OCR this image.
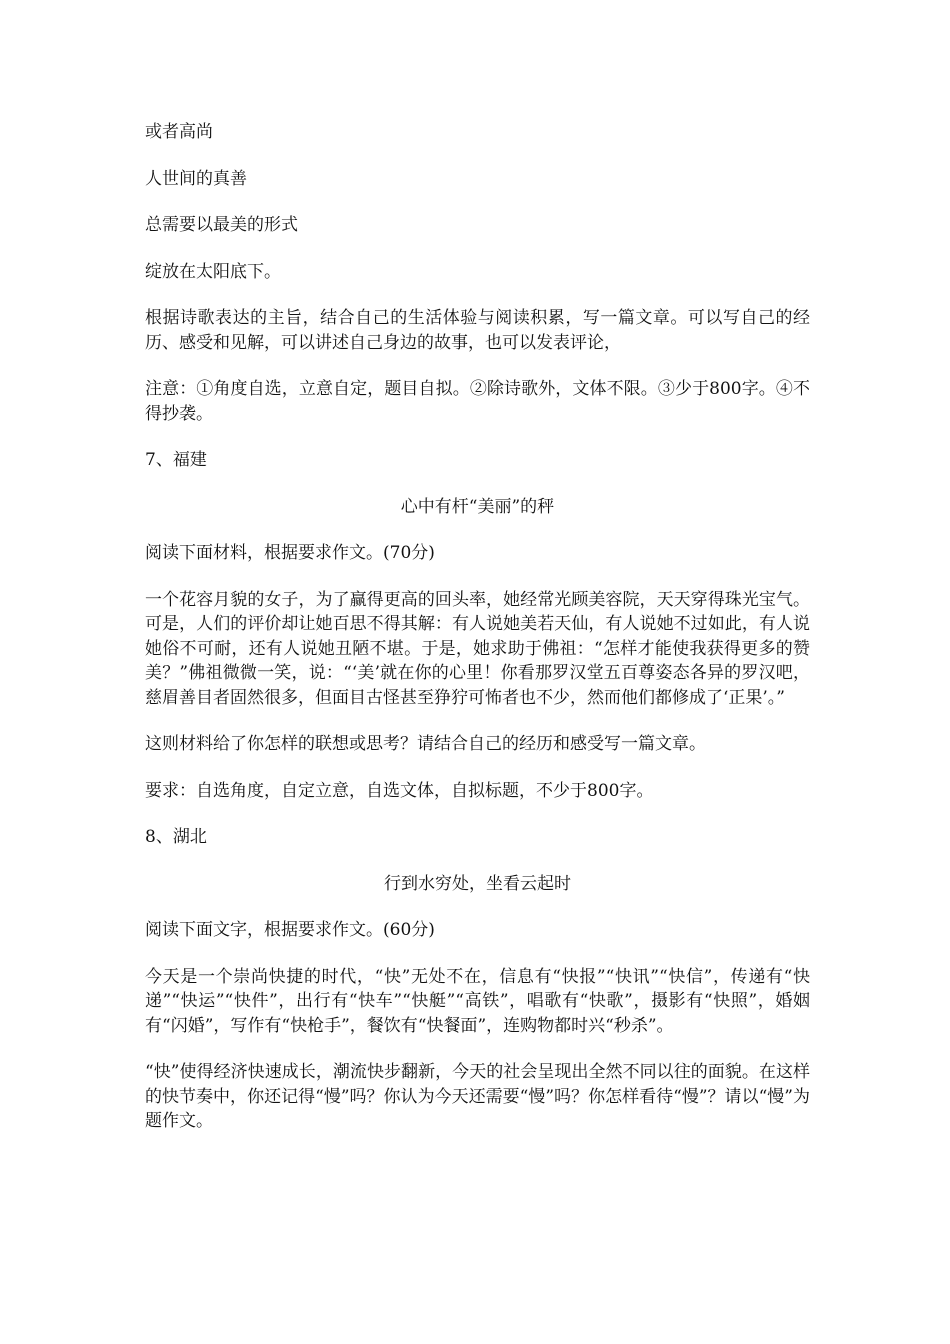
或者高尚
人世间的真善
总需要以最美的形式
绽放在太阳底下。

根据诗歌表达的主旨，结合自己的生活体验与阅读积累，写一篇文章。可以写自己的经历、感受和见解，可以讲述自己身边的故事，也可以发表评论，

注意：①角度自选，立意自定，题目自拟。②除诗歌外，文体不限。③少于800字。④不得抄袭。

7、福建

心中有杆“美丽”的秤

阅读下面材料，根据要求作文。(70分)

一个花容月貌的女子，为了赢得更高的回头率，她经常光顾美容院，天天穿得珠光宝气。可是，人们的评价却让她百思不得其解：有人说她美若天仙，有人说她不过如此，有人说她俗不可耐，还有人说她丑陋不堪。于是，她求助于佛祖：“怎样才能使我获得更多的赞美？”佛祖微微一笑，说：“‘美’就在你的心里！你看那罗汉堂五百尊姿态各异的罗汉吧，慈眉善目者固然很多，但面目古怪甚至狰狞可怖者也不少，然而他们都修成了‘正果’。”

这则材料给了你怎样的联想或思考？请结合自己的经历和感受写一篇文章。

要求：自选角度，自定立意，自选文体，自拟标题，不少于800字。

8、湖北

行到水穷处，坐看云起时

阅读下面文字，根据要求作文。(60分)

今天是一个崇尚快捷的时代，“快”无处不在，信息有“快报”“快讯”“快信”，传递有“快递”“快运”“快件”，出行有“快车”“快艇”“高铁”，唱歌有“快歌”，摄影有“快照”，婚姻有“闪婚”，写作有“快枪手”，餐饮有“快餐面”，连购物都时兴“秒杀”。

“快”使得经济快速成长，潮流快步翻新，今天的社会呈现出全然不同以往的面貌。在这样的快节奏中，你还记得“慢”吗？你认为今天还需要“慢”吗？你怎样看待“慢”？请以“慢”为题作文。
